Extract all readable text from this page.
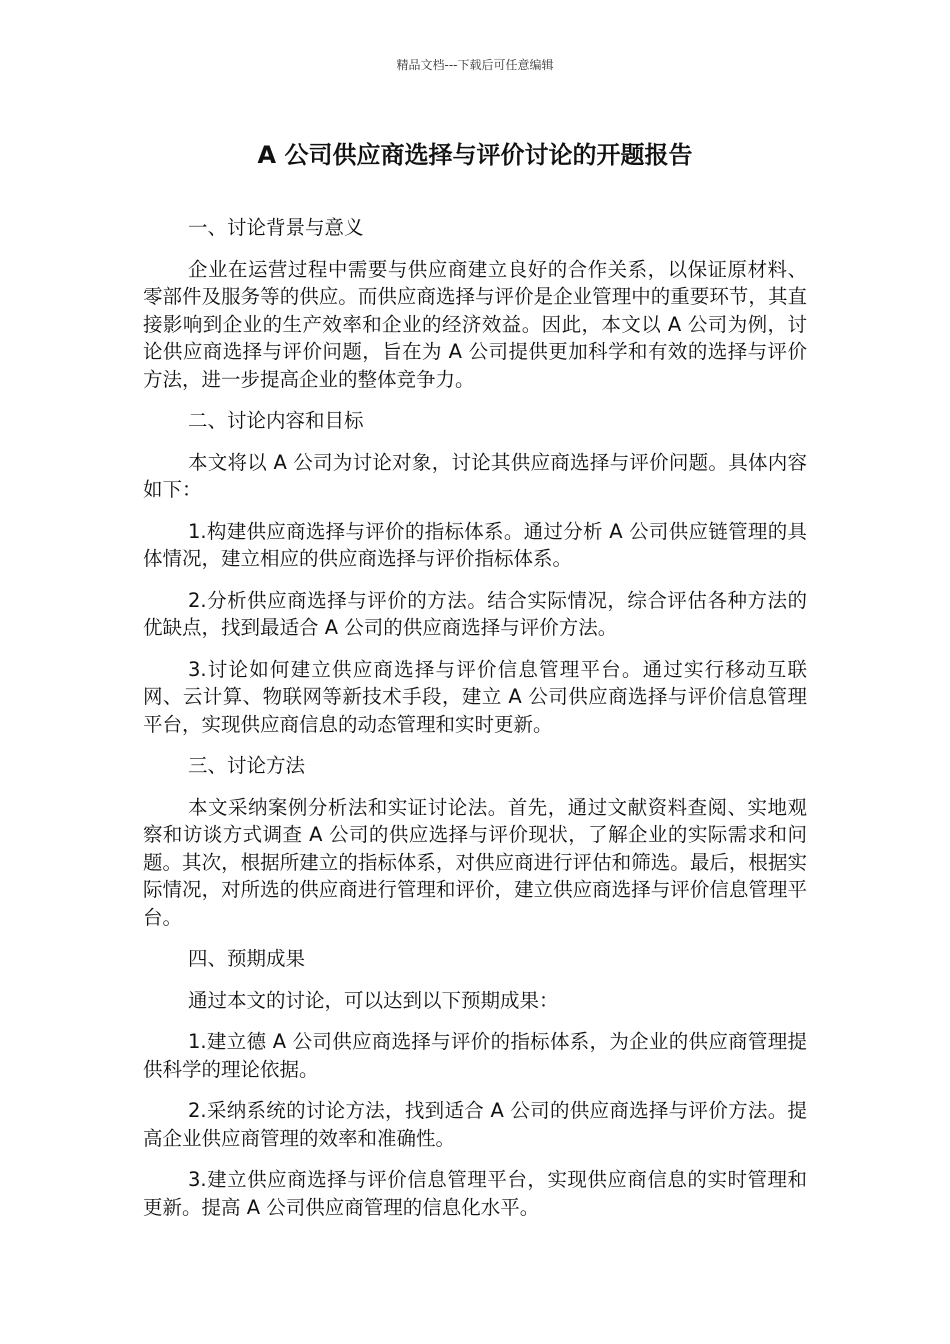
精品文档---下载后可任意编辑
A 公司供应商选择与评价讨论的开题报告
一、讨论背景与意义

企业在运营过程中需要与供应商建立良好的合作关系，以保证原材料、零部件及服务等的供应。而供应商选择与评价是企业管理中的重要环节，其直接影响到企业的生产效率和企业的经济效益。因此，本文以 A 公司为例，讨论供应商选择与评价问题，旨在为 A 公司提供更加科学和有效的选择与评价方法，进一步提高企业的整体竞争力。

二、讨论内容和目标

本文将以 A 公司为讨论对象，讨论其供应商选择与评价问题。具体内容如下：

1.构建供应商选择与评价的指标体系。通过分析 A 公司供应链管理的具体情况，建立相应的供应商选择与评价指标体系。

2.分析供应商选择与评价的方法。结合实际情况，综合评估各种方法的优缺点，找到最适合 A 公司的供应商选择与评价方法。

3.讨论如何建立供应商选择与评价信息管理平台。通过实行移动互联网、云计算、物联网等新技术手段，建立 A 公司供应商选择与评价信息管理平台，实现供应商信息的动态管理和实时更新。

三、讨论方法

本文采纳案例分析法和实证讨论法。首先，通过文献资料查阅、实地观察和访谈方式调查 A 公司的供应选择与评价现状，了解企业的实际需求和问题。其次，根据所建立的指标体系，对供应商进行评估和筛选。最后，根据实际情况，对所选的供应商进行管理和评价，建立供应商选择与评价信息管理平台。

四、预期成果

通过本文的讨论，可以达到以下预期成果：

1.建立德 A 公司供应商选择与评价的指标体系，为企业的供应商管理提供科学的理论依据。

2.采纳系统的讨论方法，找到适合 A 公司的供应商选择与评价方法。提高企业供应商管理的效率和准确性。

3.建立供应商选择与评价信息管理平台，实现供应商信息的实时管理和更新。提高 A 公司供应商管理的信息化水平。
